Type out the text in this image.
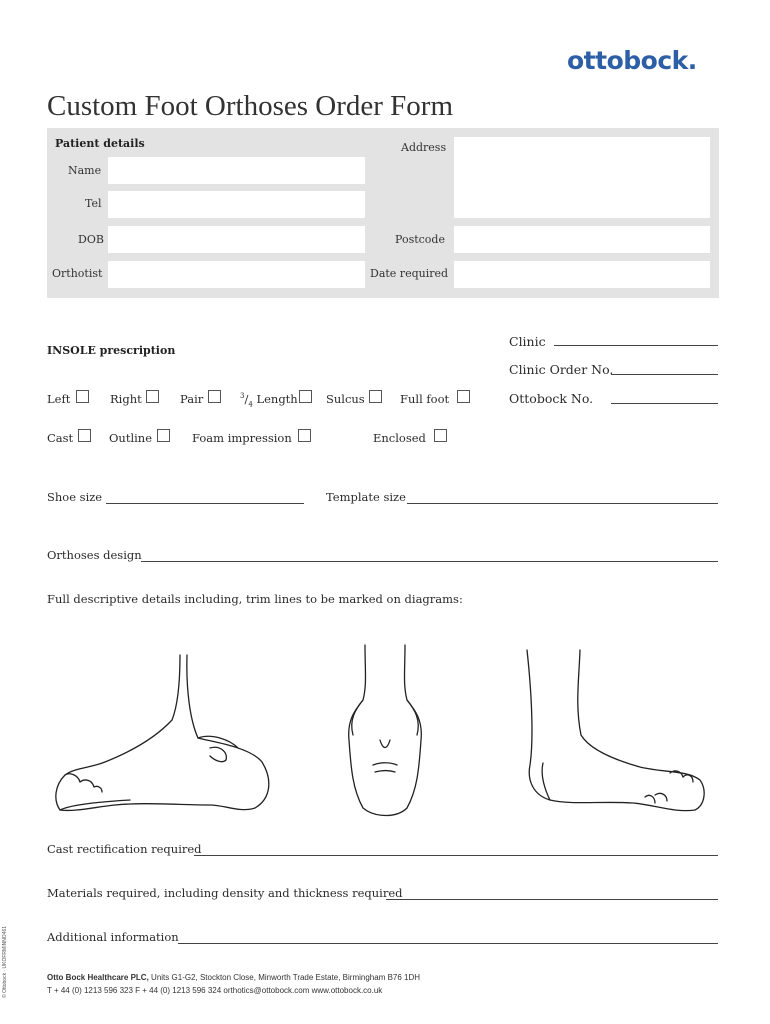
ottobock.
Custom Foot Orthoses Order Form
Patient details
Name
Tel
DOB
Orthotist
Address
Postcode
Date required
Clinic
Clinic Order No.
Ottobock No.
INSOLE prescription
Left	Right	Pair	$^3/_4$ Length Sulcus	Full foot
Cast	Outline	Foam impression	Enclosed
Shoe size	Template size
Orthoses design
Full descriptive details including, trim lines to be marked on diagrams:
Cast rectification required
Materials required, including density and thickness required
Additional information
Otto Bock Healthcare PLC, Units G1-G2, Stockton Close, Minworth Trade Estate, Birmingham B76 1DH
T + 44 (0) 1213 596 323 F + 44 (0) 1213 596 324 orthotics@ottobock.com www.ottobock.co.uk
© Ottobock · UKOFRMINNO461
